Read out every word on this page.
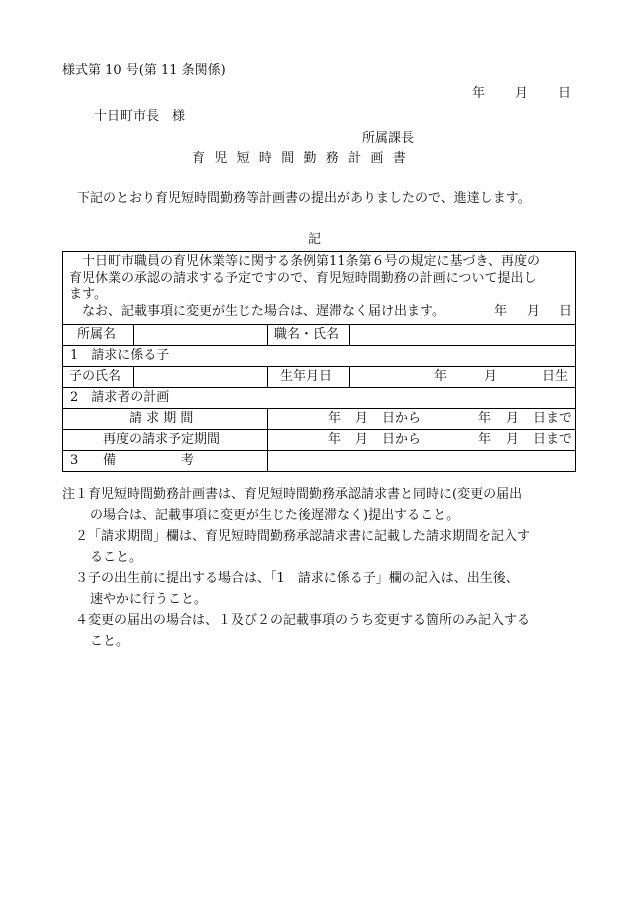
様式第 10 号(第 11 条関係)
年 月 日
十日町市長　様
所属課長
育児短時間勤務計画書
下記のとおり育児短時間勤務等計画書の提出がありましたので、進達します。
記

十日町市職員の育児休業等に関する条例第11条第６号の規定に基づき、再度の

育児休業の承認の請求する予定ですので、育児短時間勤務の計画について提出し

ます。

なお、記載事項に変更が生じた場合は、遅滞なく届け出ます。	年 月 日

所属名	職名・氏名
1　請求に係る子
子の氏名	生年月日	年	月	日生
2　請求者の計画
請 求 期 間	年 月 日から	年 月 日まで
再度の請求予定期間	年 月 日から	年 月 日まで
3 備　　　　　考
注１ 育児短時間勤務計画書は、育児短時間勤務承認請求書と同時に(変更の届出
の場合は、記載事項に変更が生じた後遅滞なく)提出すること。
　２ 「請求期間」欄は、育児短時間勤務承認請求書に記載した請求期間を記入す
ること。
　３ 子の出生前に提出する場合は、「1　請求に係る子」欄の記入は、出生後、
速やかに行うこと。
　４ 変更の届出の場合は、１及び２の記載事項のうち変更する箇所のみ記入する
こと。
